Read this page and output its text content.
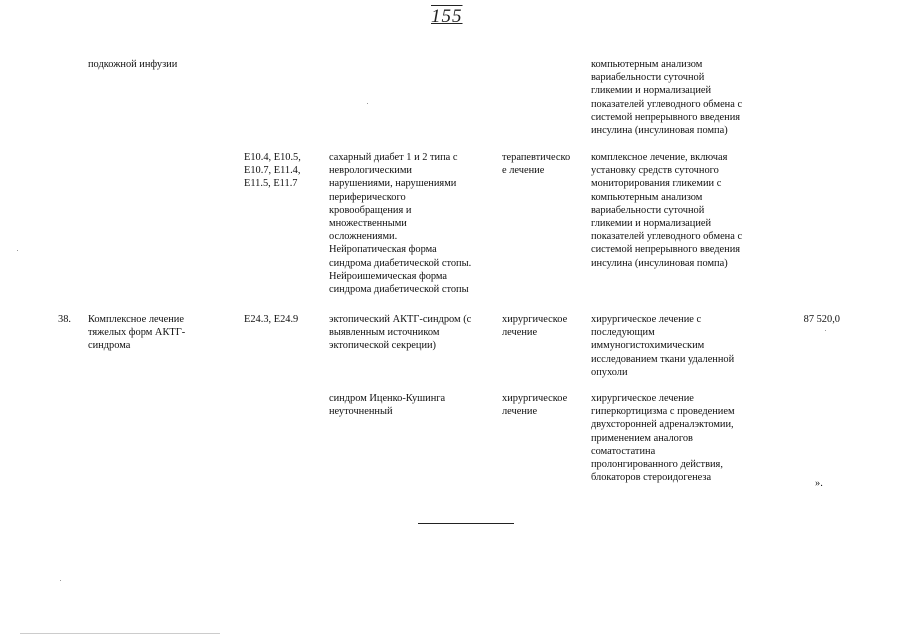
155
подкожной инфузии	компьютерным анализом
вариабельности суточной
гликемии и нормализацией
показателей углеводного обмена с
системой непрерывного введения
инсулина (инсулиновая помпа)
E10.4, E10.5,
E10.7, E11.4,
E11.5, E11.7
сахарный диабет 1 и 2 типа с
неврологическими
нарушениями, нарушениями
периферического
кровообращения и
множественными
осложнениями.
Нейропатическая форма
синдрома диабетической стопы.
Нейроишемическая форма
синдрома диабетической стопы
терапевтическо
е лечение
комплексное лечение, включая
установку средств суточного
мониторирования гликемии с
компьютерным анализом
вариабельности суточной
гликемии и нормализацией
показателей углеводного обмена с
системой непрерывного введения
инсулина (инсулиновая помпа)
38. Комплексное лечение
тяжелых форм АКТГ-
синдрома
E24.3, E24.9	эктопический АКТГ-синдром (с
выявленным источником
эктопической секреции)
хирургическое
лечение
хирургическое лечение с
последующим
иммуногистохимическим
исследованием ткани удаленной
опухоли
87 520,0
синдром Иценко-Кушинга
неуточненный
хирургическое
лечение
хирургическое лечение
гиперкортицизма с проведением
двухсторонней адреналэктомии,
применением аналогов
соматостатина
пролонгированного действия,
блокаторов стероидогенеза
».
